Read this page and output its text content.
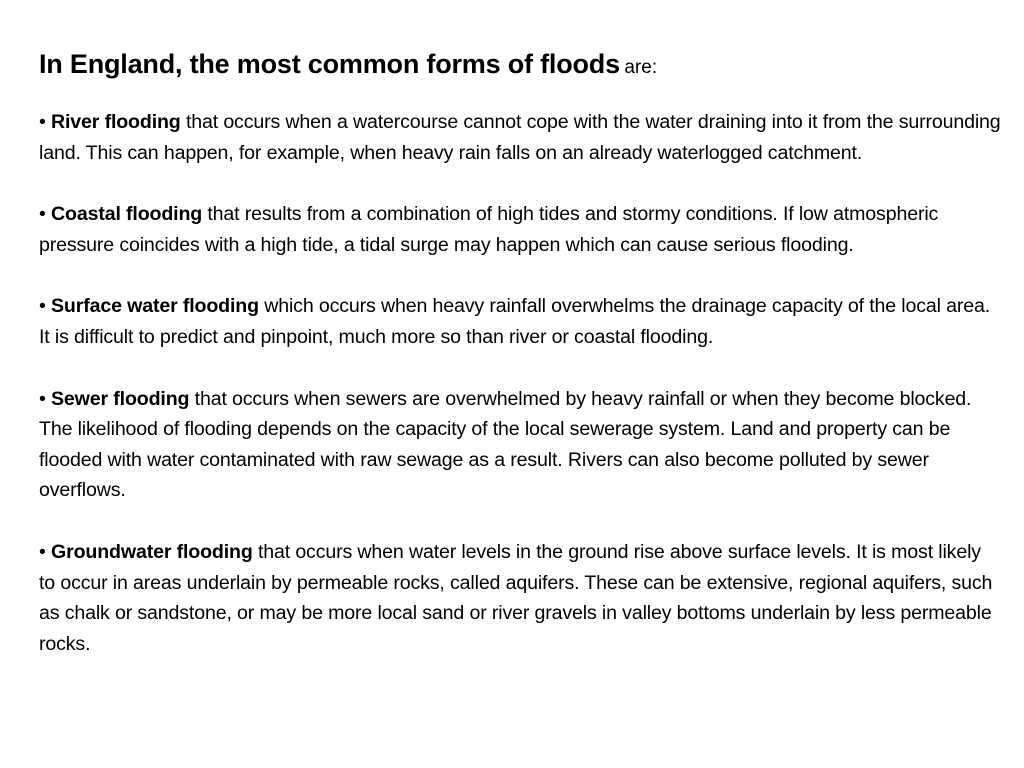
In England, the most common forms of floods are:

• River flooding that occurs when a watercourse cannot cope with the water draining into it from the surrounding land. This can happen, for example, when heavy rain falls on an already waterlogged catchment.

• Coastal flooding that results from a combination of high tides and stormy conditions. If low atmospheric pressure coincides with a high tide, a tidal surge may happen which can cause serious flooding.

• Surface water flooding which occurs when heavy rainfall overwhelms the drainage capacity of the local area. It is difficult to predict and pinpoint, much more so than river or coastal flooding.

• Sewer flooding that occurs when sewers are overwhelmed by heavy rainfall or when they become blocked. The likelihood of flooding depends on the capacity of the local sewerage system. Land and property can be flooded with water contaminated with raw sewage as a result. Rivers can also become polluted by sewer overflows.

• Groundwater flooding that occurs when water levels in the ground rise above surface levels. It is most likely to occur in areas underlain by permeable rocks, called aquifers. These can be extensive, regional aquifers, such as chalk or sandstone, or may be more local sand or river gravels in valley bottoms underlain by less permeable rocks.
